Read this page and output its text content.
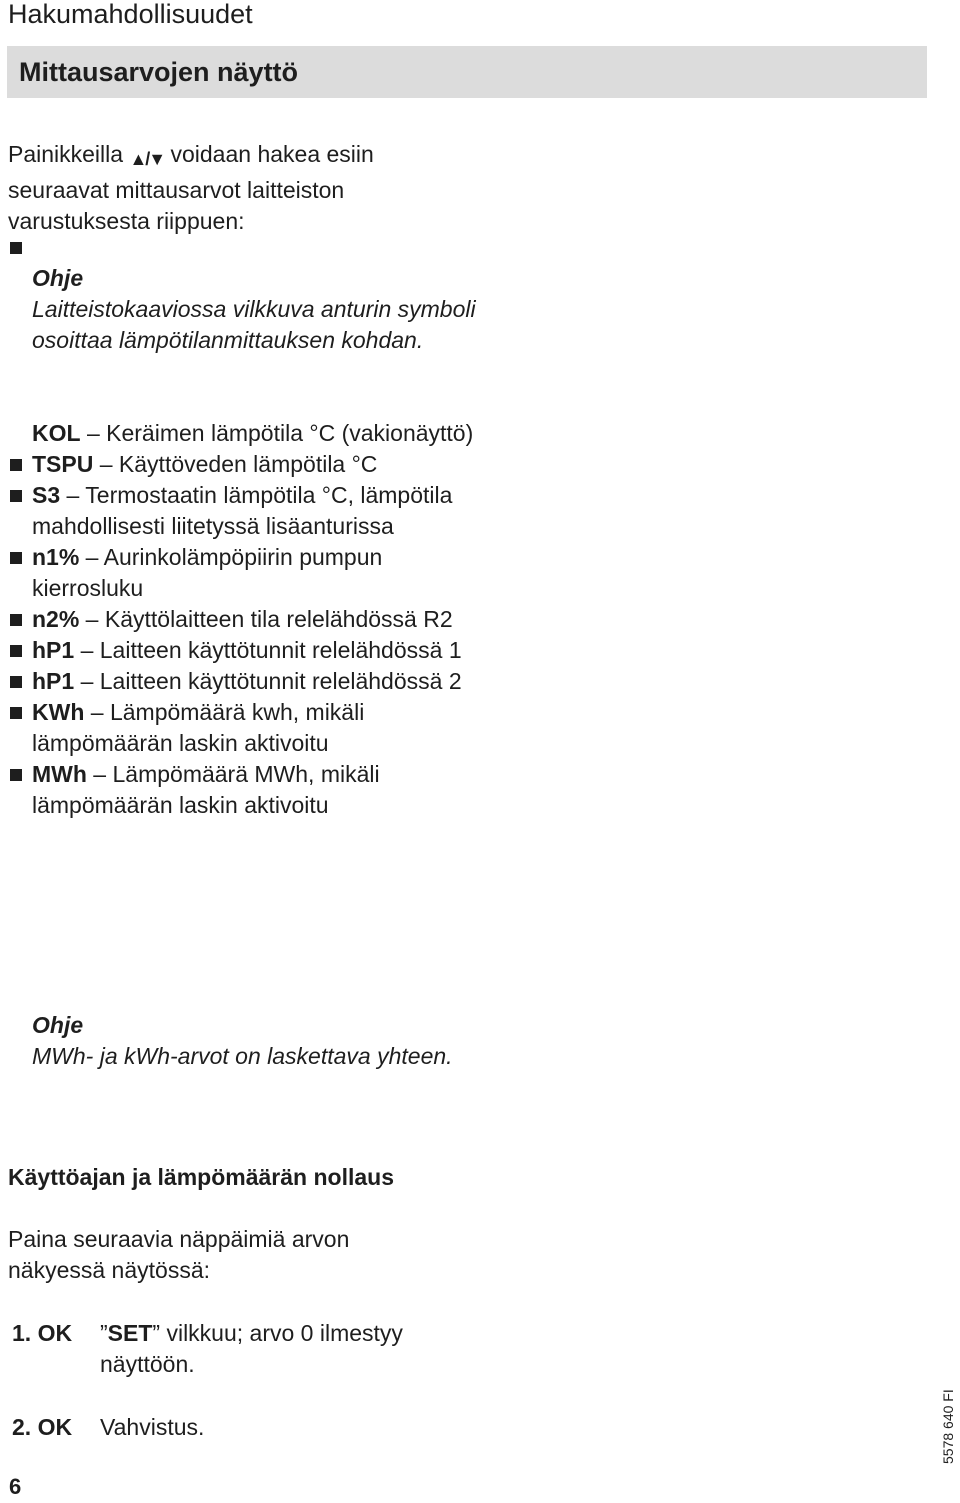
Hakumahdollisuudet
Mittausarvojen näyttö

Painikkeilla ▲/▼ voidaan hakea esiin seuraavat mittausarvot laitteiston varustuksesta riippuen:

Ohje
Laitteistokaaviossa vilkkuva anturin symboli osoittaa lämpötilanmittauksen kohdan.
KOL – Keräimen lämpötila °C (vakionäyttö)
TSPU – Käyttöveden lämpötila °C
S3 – Termostaatin lämpötila °C, lämpötila mahdollisesti liitetyssä lisäanturissa
n1% – Aurinkolämpöpiirin pumpun kierrosluku
n2% – Käyttölaitteen tila relelähdössä R2
hP1 – Laitteen käyttötunnit relelähdössä 1
hP1 – Laitteen käyttötunnit relelähdössä 2
KWh – Lämpömäärä kwh, mikäli lämpömäärän laskin aktivoitu
MWh – Lämpömäärä MWh, mikäli lämpömäärän laskin aktivoitu
Ohje
MWh- ja kWh-arvot on laskettava yhteen.
Käyttöajan ja lämpömäärän nollaus

Paina seuraavia näppäimiä arvon näkyessä näytössä:

1. OK ”SET” vilkkuu; arvo 0 ilmestyy näyttöön.
2. OK Vahvistus.	5578 640 FI
6
